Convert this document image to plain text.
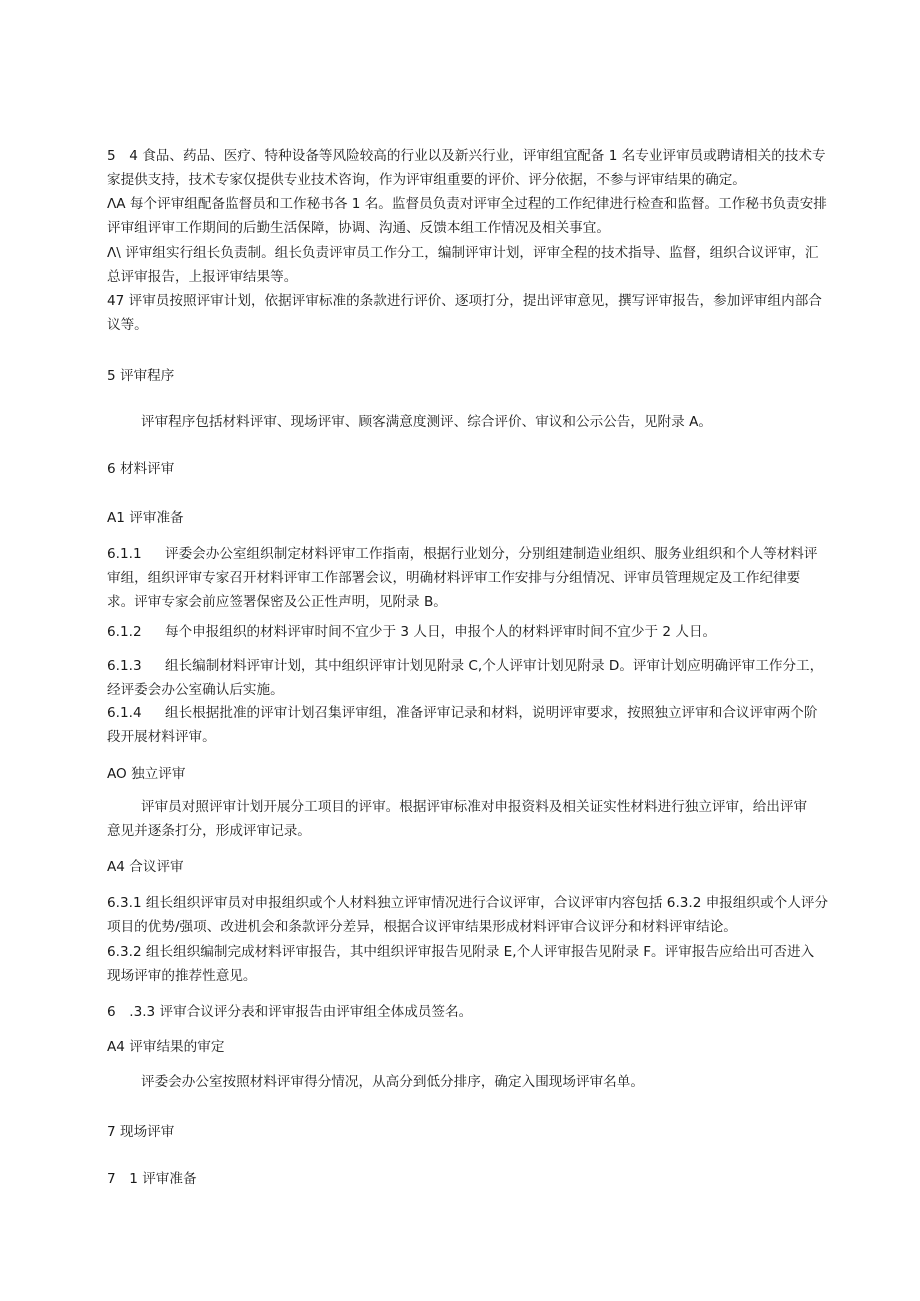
5　4 食品、药品、医疗、特种设备等风险较高的行业以及新兴行业，评审组宜配备 1 名专业评审员或聘请相关的技术专
家提供支持，技术专家仅提供专业技术咨询，作为评审组重要的评价、评分依据，不参与评审结果的确定。
ΛA 每个评审组配备监督员和工作秘书各 1 名。监督员负责对评审全过程的工作纪律进行检查和监督。工作秘书负责安排
评审组评审工作期间的后勤生活保障，协调、沟通、反馈本组工作情况及相关事宜。
Λ\ 评审组实行组长负责制。组长负责评审员工作分工，编制评审计划，评审全程的技术指导、监督，组织合议评审，汇
总评审报告，上报评审结果等。
47 评审员按照评审计划，依据评审标准的条款进行评价、逐项打分，提出评审意见，撰写评审报告，参加评审组内部合
议等。
5 评审程序
评审程序包括材料评审、现场评审、顾客满意度测评、综合评价、审议和公示公告，见附录 A。
6 材料评审
A1 评审准备
6.1.1 评委会办公室组织制定材料评审工作指南，根据行业划分，分别组建制造业组织、服务业组织和个人等材料评
审组，组织评审专家召开材料评审工作部署会议，明确材料评审工作安排与分组情况、评审员管理规定及工作纪律要
求。评审专家会前应签署保密及公正性声明，见附录 B。
6.1.2 每个申报组织的材料评审时间不宜少于 3 人日，申报个人的材料评审时间不宜少于 2 人日。
6.1.3 组长编制材料评审计划，其中组织评审计划见附录 C,个人评审计划见附录 D。评审计划应明确评审工作分工，
经评委会办公室确认后实施。
6.1.4 组长根据批准的评审计划召集评审组，准备评审记录和材料，说明评审要求，按照独立评审和合议评审两个阶
段开展材料评审。
AO 独立评审
评审员对照评审计划开展分工项目的评审。根据评审标准对申报资料及相关证实性材料进行独立评审，给出评审
意见并逐条打分，形成评审记录。
A4 合议评审
6.3.1 组长组织评审员对申报组织或个人材料独立评审情况进行合议评审，合议评审内容包括 6.3.2 申报组织或个人评分
项目的优势/强项、改进机会和条款评分差异，根据合议评审结果形成材料评审合议评分和材料评审结论。
6.3.2 组长组织编制完成材料评审报告，其中组织评审报告见附录 E,个人评审报告见附录 F。评审报告应给出可否进入
现场评审的推荐性意见。
6　.3.3 评审合议评分表和评审报告由评审组全体成员签名。
A4 评审结果的审定
评委会办公室按照材料评审得分情况，从高分到低分排序，确定入围现场评审名单。
7 现场评审
7　1 评审准备
